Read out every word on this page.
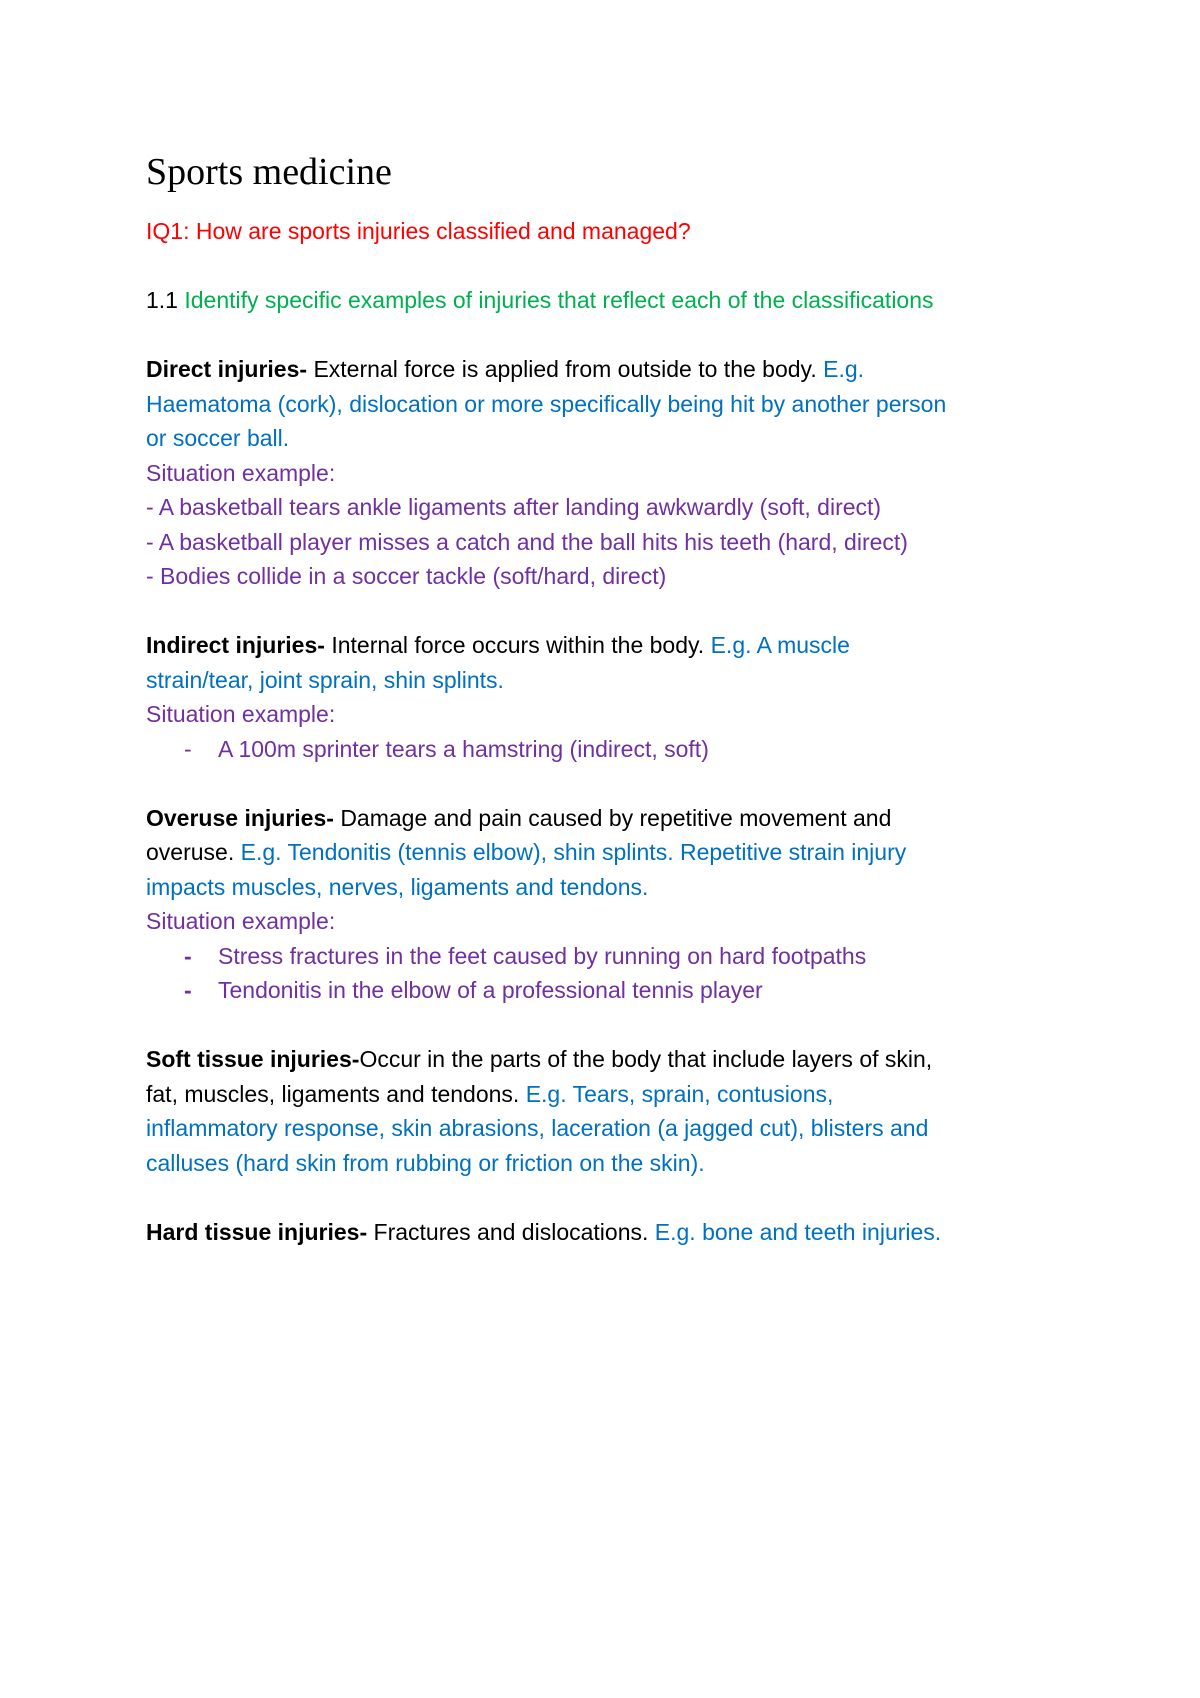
Sports medicine

IQ1: How are sports injuries classified and managed?

1.1 Identify specific examples of injuries that reflect each of the classifications

Direct injuries- External force is applied from outside to the body. E.g.

Haematoma (cork), dislocation or more specifically being hit by another person

or soccer ball.

Situation example:

- A basketball tears ankle ligaments after landing awkwardly (soft, direct)

- A basketball player misses a catch and the ball hits his teeth (hard, direct)

- Bodies collide in a soccer tackle (soft/hard, direct)

Indirect injuries- Internal force occurs within the body. E.g. A muscle

strain/tear, joint sprain, shin splints.

Situation example:

-	A 100m sprinter tears a hamstring (indirect, soft)

Overuse injuries- Damage and pain caused by repetitive movement and

overuse. E.g. Tendonitis (tennis elbow), shin splints. Repetitive strain injury

impacts muscles, nerves, ligaments and tendons.

Situation example:

-	Stress fractures in the feet caused by running on hard footpaths
-	Tendonitis in the elbow of a professional tennis player

Soft tissue injuries-Occur in the parts of the body that include layers of skin,

fat, muscles, ligaments and tendons. E.g. Tears, sprain, contusions,

inflammatory response, skin abrasions, laceration (a jagged cut), blisters and

calluses (hard skin from rubbing or friction on the skin).

Hard tissue injuries- Fractures and dislocations. E.g. bone and teeth injuries.
